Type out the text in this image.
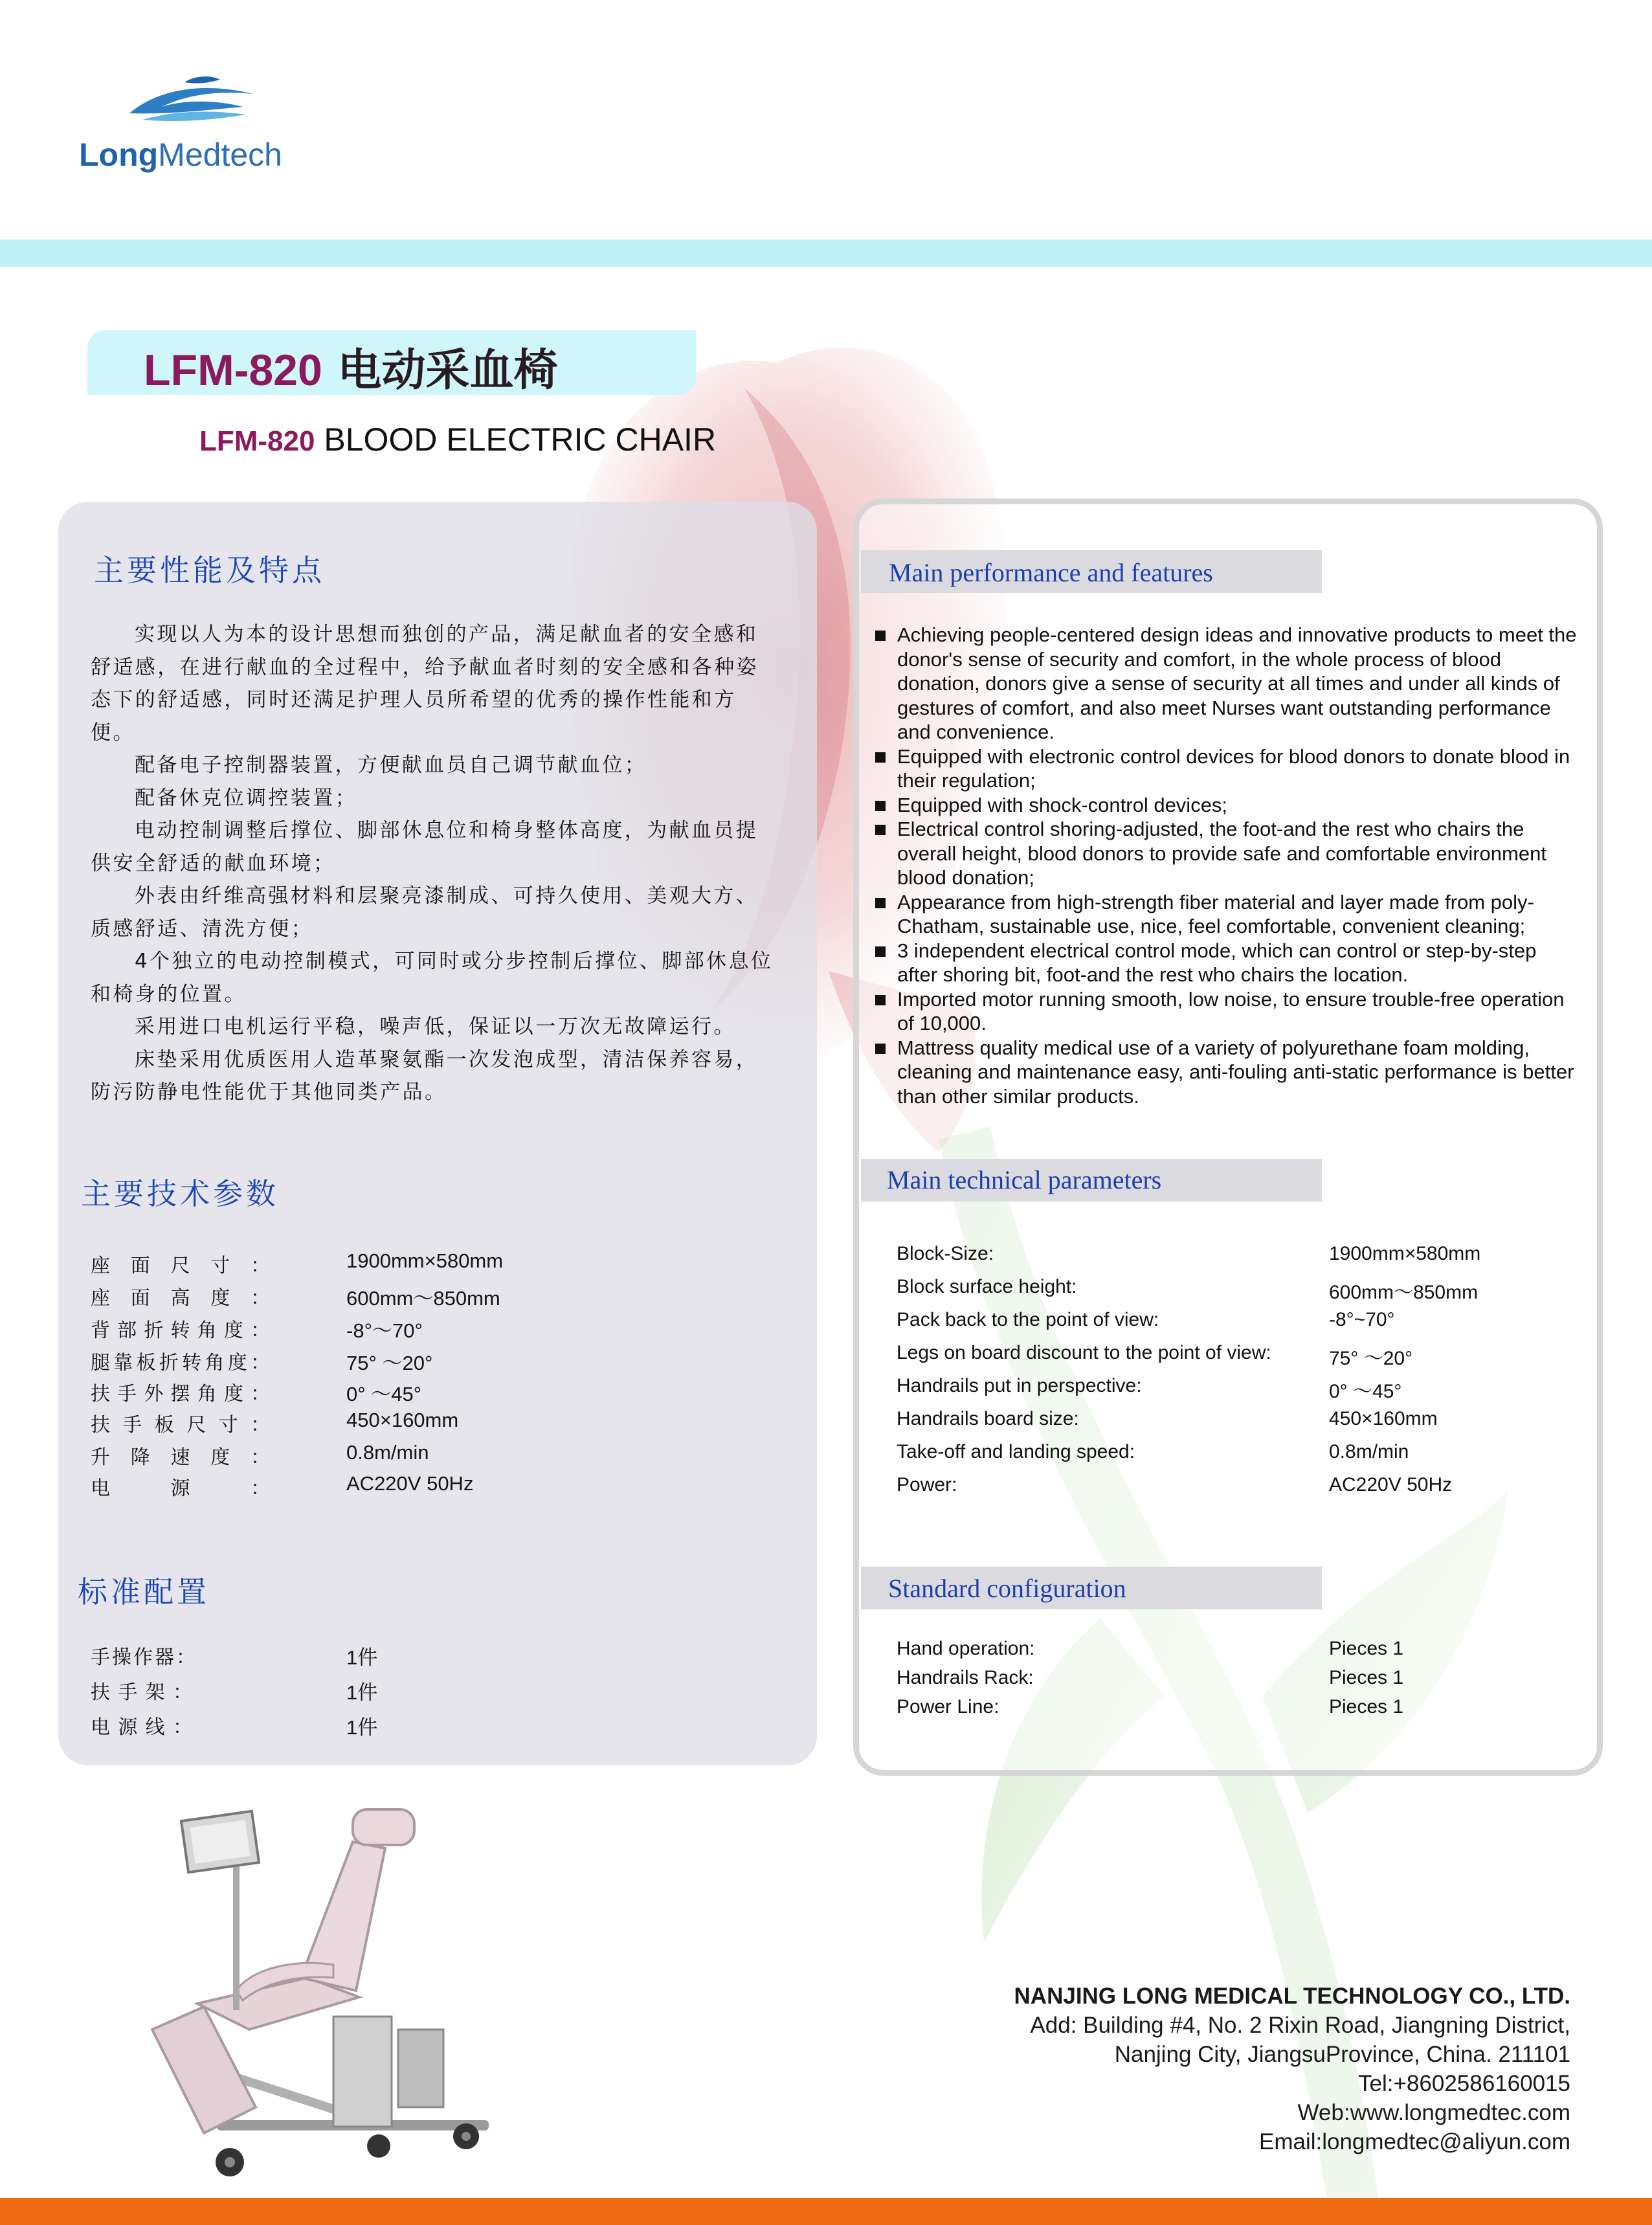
LongMedtech
LFM-820 电动采血椅
LFM-820 BLOOD ELECTRIC CHAIR
主要性能及特点

实现以人为本的设计思想而独创的产品，满足献血者的安全感和舒适感，在进行献血的全过程中，给予献血者时刻的安全感和各种姿态下的舒适感，同时还满足护理人员所希望的优秀的操作性能和方便。

配备电子控制器装置，方便献血员自己调节献血位；

配备休克位调控装置；

电动控制调整后撑位、脚部休息位和椅身整体高度，为献血员提供安全舒适的献血环境；

外表由纤维高强材料和层聚亮漆制成、可持久使用、美观大方、质感舒适、清洗方便；

4个独立的电动控制模式，可同时或分步控制后撑位、脚部休息位和椅身的位置。

采用进口电机运行平稳，噪声低，保证以一万次无故障运行。

床垫采用优质医用人造革聚氨酯一次发泡成型，清洁保养容易，防污防静电性能优于其他同类产品。

主要技术参数
座面尺寸：	1900mm×580mm
座面高度：	600mm～850mm
背部折转角度：	-8°～70°
腿靠板折转角度：	75° ～20°
扶手外摆角度：	0° ～45°
扶手板尺寸：	450×160mm
升降速度：	0.8m/min
电源：	AC220V 50Hz
标准配置
手操作器：	1件
扶手架：	1件
电源线：	1件
Main performance and features
Achieving people-centered design ideas and innovative products to meet the donor's sense of security and comfort, in the whole process of blood donation, donors give a sense of security at all times and under all kinds of gestures of comfort, and also meet Nurses want outstanding performance and convenience.
Equipped with electronic control devices for blood donors to donate blood in their regulation;
Equipped with shock-control devices;
Electrical control shoring-adjusted, the foot-and the rest who chairs the overall height, blood donors to provide safe and comfortable environment blood donation;
Appearance from high-strength fiber material and layer made from poly-Chatham, sustainable use, nice, feel comfortable, convenient cleaning;
3 independent electrical control mode, which can control or step-by-step after shoring bit, foot-and the rest who chairs the location.
Imported motor running smooth, low noise, to ensure trouble-free operation of 10,000.
Mattress quality medical use of a variety of polyurethane foam molding, cleaning and maintenance easy, anti-fouling anti-static performance is better than other similar products.
Main technical parameters
Block-Size:	1900mm×580mm
Block surface height:	600mm～850mm
Pack back to the point of view:	-8°~70°
Legs on board discount to the point of view:	75° ～20°
Handrails put in perspective:	0° ～45°
Handrails board size:	450×160mm
Take-off and landing speed:	0.8m/min
Power:	AC220V 50Hz
Standard configuration
Hand operation:	Pieces 1
Handrails Rack:	Pieces 1
Power Line:	Pieces 1
NANJING LONG MEDICAL TECHNOLOGY CO., LTD.
Add: Building #4, No. 2 Rixin Road, Jiangning District,
Nanjing City, JiangsuProvince, China. 211101
Tel:+8602586160015
Web:www.longmedtec.com
Email:longmedtec@aliyun.com
